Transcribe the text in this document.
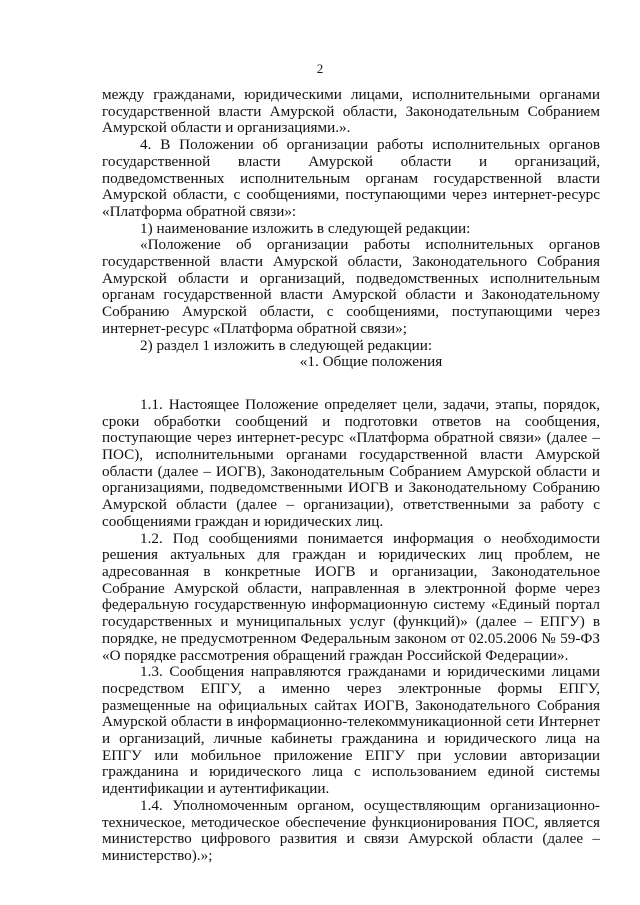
2

между гражданами, юридическими лицами, исполнительными органами государственной власти Амурской области, Законодательным Собранием Амурской области и организациями.».

4. В Положении об организации работы исполнительных органов государственной власти Амурской области и организаций, подведомственных исполнительным органам государственной власти Амурской области, с сообщениями, поступающими через интернет-ресурс «Платформа обратной связи»:

1) наименование изложить в следующей редакции:

«Положение об организации работы исполнительных органов государственной власти Амурской области, Законодательного Собрания Амурской области и организаций, подведомственных исполнительным органам государственной власти Амурской области и Законодательному Собранию Амурской области, с сообщениями, поступающими через интернет-ресурс «Платформа обратной связи»;

2) раздел 1 изложить в следующей редакции:

«1. Общие положения

1.1. Настоящее Положение определяет цели, задачи, этапы, порядок, сроки обработки сообщений и подготовки ответов на сообщения, поступающие через интернет-ресурс «Платформа обратной связи» (далее – ПОС), исполнительными органами государственной власти Амурской области (далее – ИОГВ), Законодательным Собранием Амурской области и организациями, подведомственными ИОГВ и Законодательному Собранию Амурской области (далее – организации), ответственными за работу с сообщениями граждан и юридических лиц.

1.2. Под сообщениями понимается информация о необходимости решения актуальных для граждан и юридических лиц проблем, не адресованная в конкретные ИОГВ и организации, Законодательное Собрание Амурской области, направленная в электронной форме через федеральную государственную информационную систему «Единый портал государственных и муниципальных услуг (функций)» (далее – ЕПГУ) в порядке, не предусмотренном Федеральным законом от 02.05.2006 № 59-ФЗ «О порядке рассмотрения обращений граждан Российской Федерации».

1.3. Сообщения направляются гражданами и юридическими лицами посредством ЕПГУ, а именно через электронные формы ЕПГУ, размещенные на официальных сайтах ИОГВ, Законодательного Собрания Амурской области в информационно-телекоммуникационной сети Интернет и организаций, личные кабинеты гражданина и юридического лица на ЕПГУ или мобильное приложение ЕПГУ при условии авторизации гражданина и юридического лица с использованием единой системы идентификации и аутентификации.

1.4. Уполномоченным органом, осуществляющим организационно-техническое, методическое обеспечение функционирования ПОС, является министерство цифрового развития и связи Амурской области (далее – министерство).»;
